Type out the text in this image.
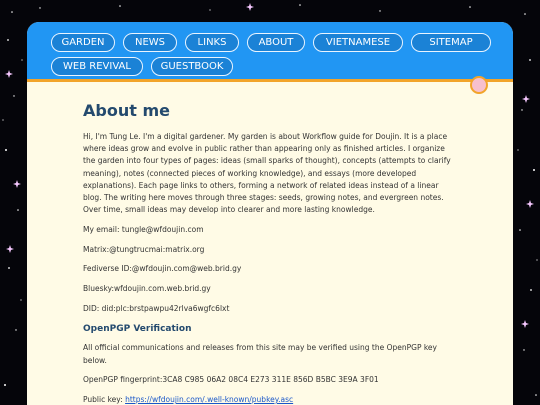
GARDEN	NEWS	LINKS	ABOUT	VIETNAMESE	SITEMAP
WEB REVIVAL	GUESTBOOK
About me

Hi, I'm Tung Le. I'm a digital gardener. My garden is about Workflow guide for Doujin. It is a place where ideas grow and evolve in public rather than appearing only as finished articles. I organize the garden into four types of pages: ideas (small sparks of thought), concepts (attempts to clarify meaning), notes (connected pieces of working knowledge), and essays (more developed explanations). Each page links to others, forming a network of related ideas instead of a linear blog. The writing here moves through three stages: seeds, growing notes, and evergreen notes. Over time, small ideas may develop into clearer and more lasting knowledge.

My email: tungle@wfdoujin.com

Matrix:@tungtrucmai:matrix.org

Fediverse ID:@wfdoujin.com@web.brid.gy

Bluesky:wfdoujin.com.web.brid.gy

DID: did:plc:brstpawpu42rlva6wgfc6lxt

OpenPGP Verification

All official communications and releases from this site may be verified using the OpenPGP key below.

OpenPGP fingerprint:3CA8 C985 06A2 08C4 E273 311E 856D B5BC 3E9A 3F01

Public key: https://wfdoujin.com/.well-known/pubkey.asc
